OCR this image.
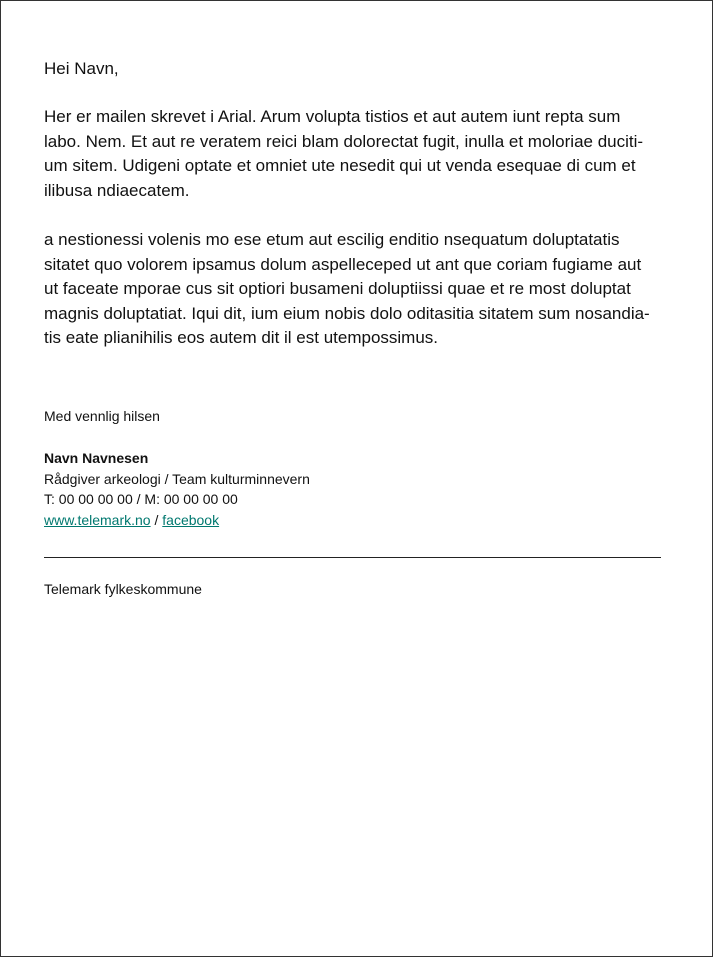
Hei Navn,

Her er mailen skrevet i Arial. Arum volupta tistios et aut autem iunt repta sum
labo. Nem. Et aut re veratem reici blam dolorectat fugit, inulla et moloriae duciti-
um sitem. Udigeni optate et omniet ute nesedit qui ut venda esequae di cum et
ilibusa ndiaecatem.

a nestionessi volenis mo ese etum aut escilig enditio nsequatum doluptatatis
sitatet quo volorem ipsamus dolum aspelleceped ut ant que coriam fugiame aut
ut faceate mporae cus sit optiori busameni doluptiissi quae et re most doluptat
magnis doluptatiat. Iqui dit, ium eium nobis dolo oditasitia sitatem sum nosandia-
tis eate plianihilis eos autem dit il est utempossimus.

Med vennlig hilsen

Navn Navnesen
Rådgiver arkeologi / Team kulturminnevern
T: 00 00 00 00 / M: 00 00 00 00
www.telemark.no / facebook

Telemark fylkeskommune
